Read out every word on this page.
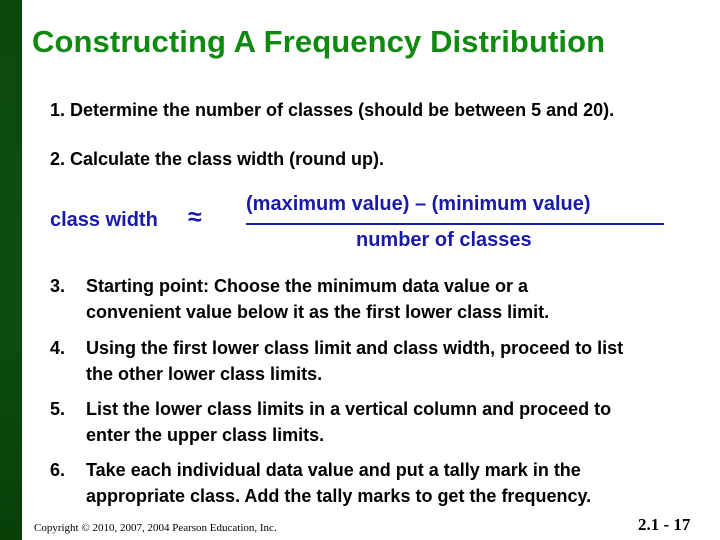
Constructing A Frequency Distribution
1. Determine the number of classes (should be between 5 and 20).
2. Calculate the class width (round up).
class width ≈ (maximum value) – (minimum value)
number of classes
3. Starting point: Choose the minimum data value or a
convenient value below it as the first lower class limit.
4. Using the first lower class limit and class width, proceed to list
the other lower class limits.
5. List the lower class limits in a vertical column and proceed to
enter the upper class limits.
6. Take each individual data value and put a tally mark in the
appropriate class. Add the tally marks to get the frequency.
Copyright © 2010, 2007, 2004 Pearson Education, Inc.	2.1 - 17
